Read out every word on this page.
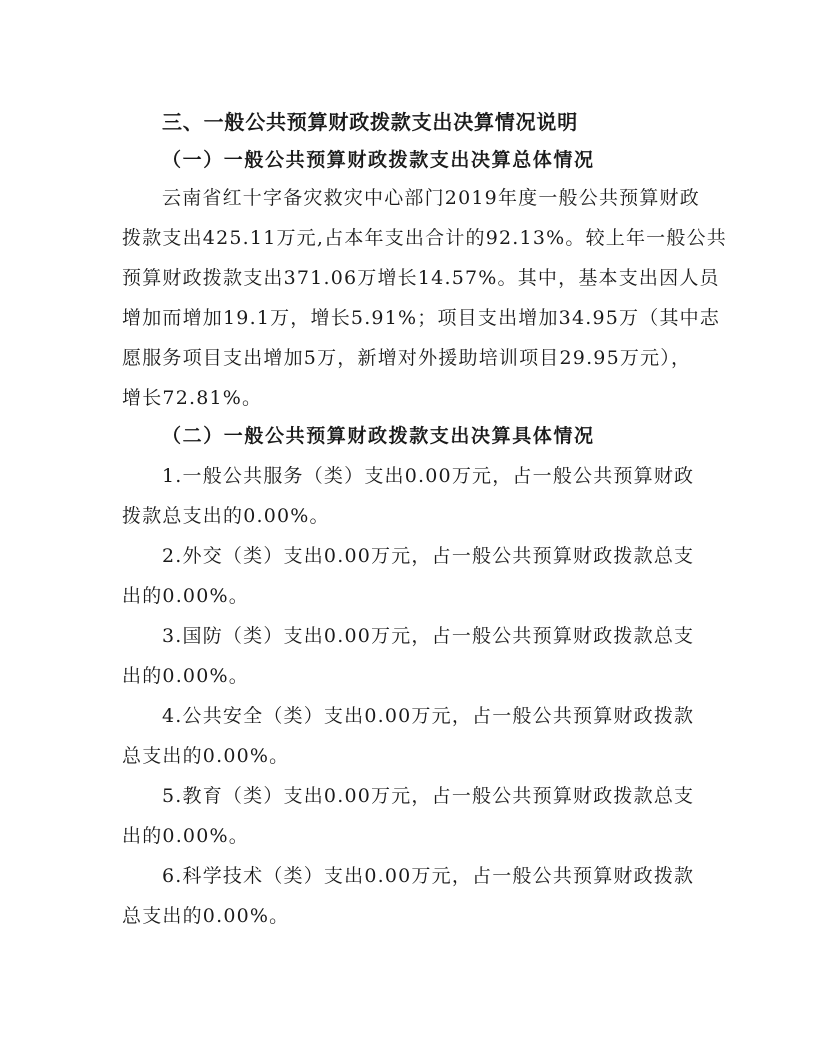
三、一般公共预算财政拨款支出决算情况说明
（一）一般公共预算财政拨款支出决算总体情况
云南省红十字备灾救灾中心部门2019年度一般公共预算财政
拨款支出425.11万元,占本年支出合计的92.13%。较上年一般公共
预算财政拨款支出371.06万增长14.57%。其中，基本支出因人员
增加而增加19.1万，增长5.91%；项目支出增加34.95万（其中志
愿服务项目支出增加5万，新增对外援助培训项目29.95万元），
增长72.81%。
（二）一般公共预算财政拨款支出决算具体情况
1.一般公共服务（类）支出0.00万元，占一般公共预算财政
拨款总支出的0.00%。
2.外交（类）支出0.00万元，占一般公共预算财政拨款总支
出的0.00%。
3.国防（类）支出0.00万元，占一般公共预算财政拨款总支
出的0.00%。
4.公共安全（类）支出0.00万元，占一般公共预算财政拨款
总支出的0.00%。
5.教育（类）支出0.00万元，占一般公共预算财政拨款总支
出的0.00%。
6.科学技术（类）支出0.00万元，占一般公共预算财政拨款
总支出的0.00%。
